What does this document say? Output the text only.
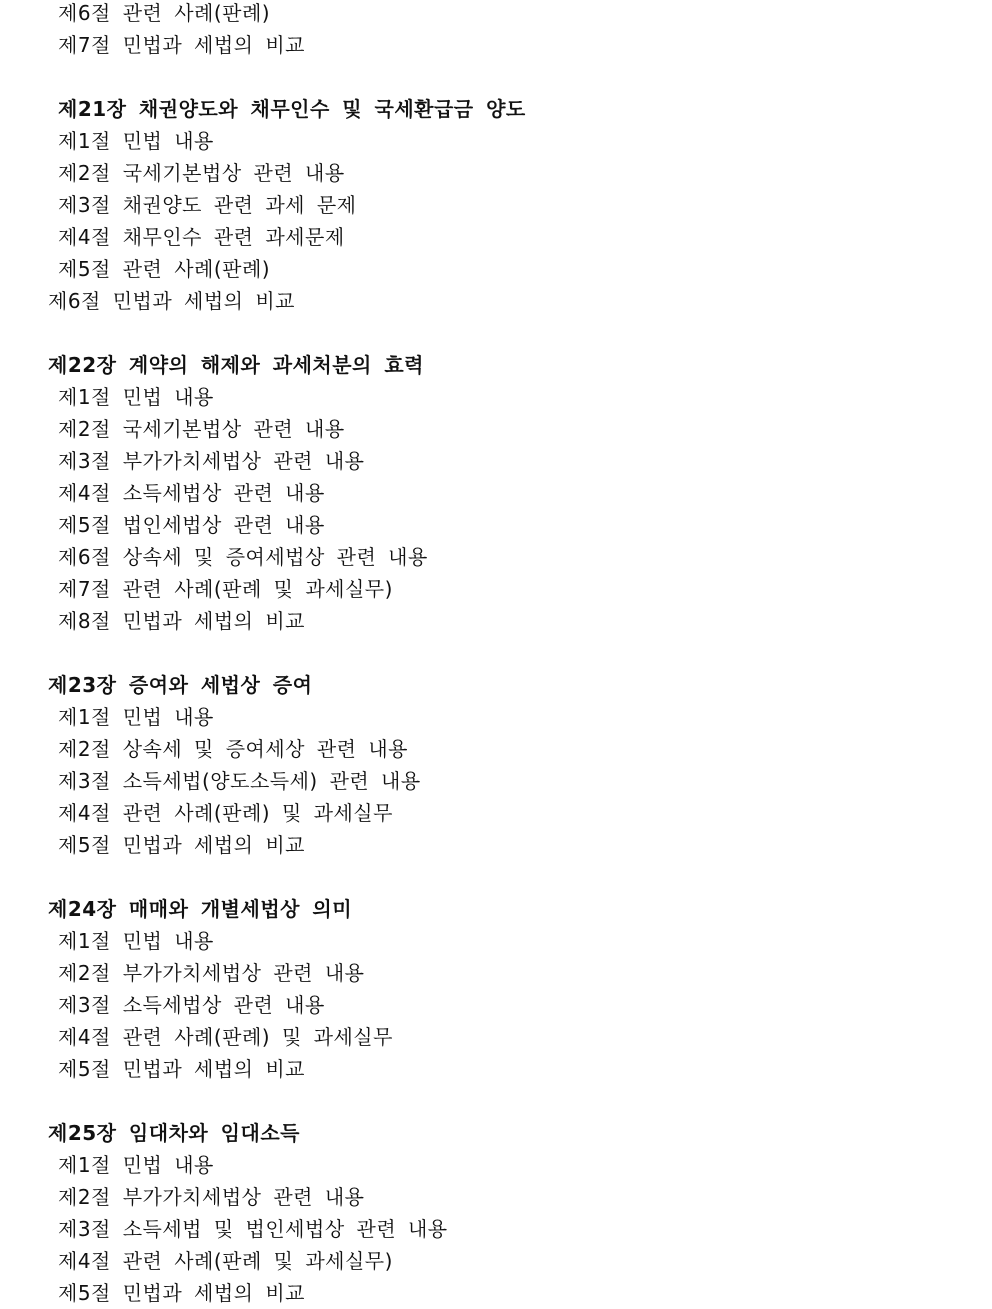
제6절 관련 사례(판례)
제7절 민법과 세법의 비교
제21장 채권양도와 채무인수 및 국세환급금 양도
제1절 민법 내용
제2절 국세기본법상 관련 내용
제3절 채권양도 관련 과세 문제
제4절 채무인수 관련 과세문제
제5절 관련 사례(판례)
제6절 민법과 세법의 비교
제22장 계약의 해제와 과세처분의 효력
제1절 민법 내용
제2절 국세기본법상 관련 내용
제3절 부가가치세법상 관련 내용
제4절 소득세법상 관련 내용
제5절 법인세법상 관련 내용
제6절 상속세 및 증여세법상 관련 내용
제7절 관련 사례(판례 및 과세실무)
제8절 민법과 세법의 비교
제23장 증여와 세법상 증여
제1절 민법 내용
제2절 상속세 및 증여세상 관련 내용
제3절 소득세법(양도소득세) 관련 내용
제4절 관련 사례(판례) 및 과세실무
제5절 민법과 세법의 비교
제24장 매매와 개별세법상 의미
제1절 민법 내용
제2절 부가가치세법상 관련 내용
제3절 소득세법상 관련 내용
제4절 관련 사례(판례) 및 과세실무
제5절 민법과 세법의 비교
제25장 임대차와 임대소득
제1절 민법 내용
제2절 부가가치세법상 관련 내용
제3절 소득세법 및 법인세법상 관련 내용
제4절 관련 사례(판례 및 과세실무)
제5절 민법과 세법의 비교
